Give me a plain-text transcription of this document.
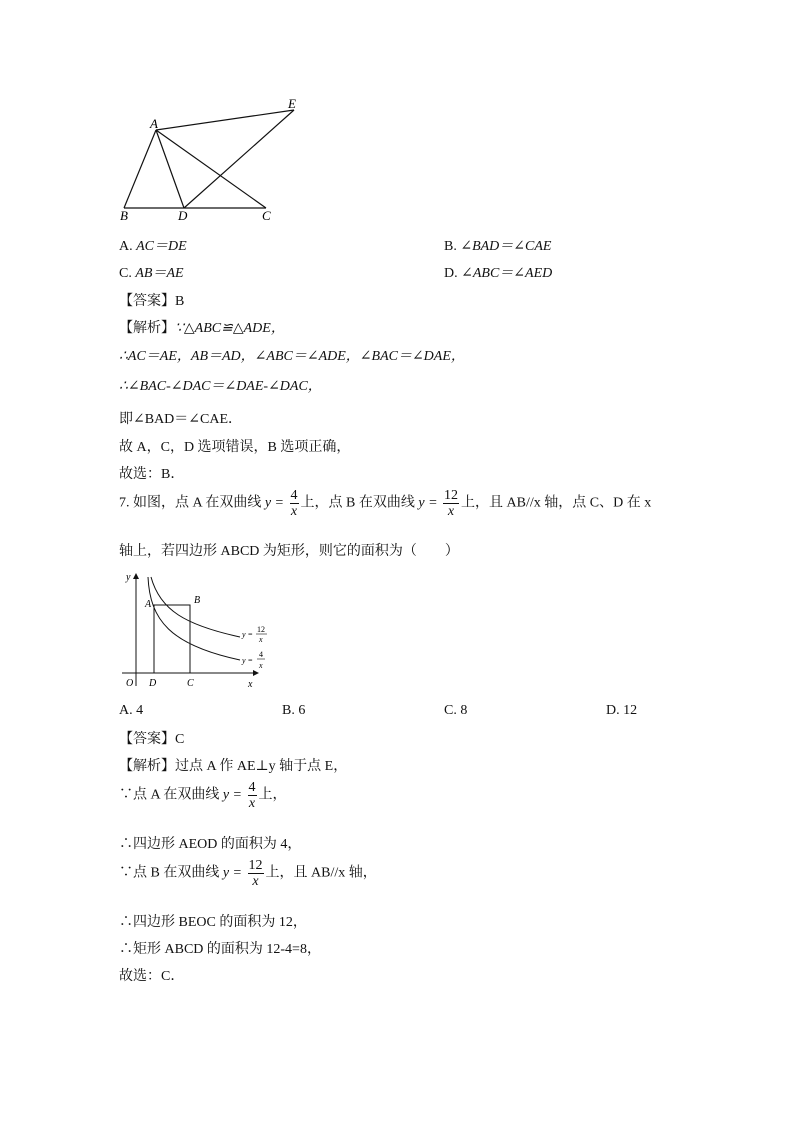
A
E
B	D	C
A. AC＝DE	B. ∠BAD＝∠CAE
C. AB＝AE	D. ∠ABC＝∠AED
【答案】B
【解析】∵△ABC≌△ADE，
∴AC＝AE，AB＝AD，∠ABC＝∠ADE，∠BAC＝∠DAE，
∴∠BAC-∠DAC＝∠DAE-∠DAC，
即∠BAD＝∠CAE．
故 A，C，D 选项错误，B 选项正确，
故选：B．
7. 如图，点 A 在双曲线 $y = \frac{4}{x}$ 上，点 B 在双曲线 $y = \frac{12}{x}$ 上，且 AB//x 轴，点 C、D 在 x
轴上，若四边形 ABCD 为矩形，则它的面积为（　　）
y
x
O
A	B
D	C
y =
12
x
y =
4
x
A. 4	B. 6	C. 8	D. 12
【答案】C
【解析】过点 A 作 AE⊥y 轴于点 E，
∵点 A 在双曲线 $y = \frac{4}{x}$ 上，
∴四边形 AEOD 的面积为 4，
∵点 B 在双曲线 $y = \frac{12}{x}$ 上，且 AB//x 轴，
∴四边形 BEOC 的面积为 12，
∴矩形 ABCD 的面积为 12-4=8，
故选：C．
